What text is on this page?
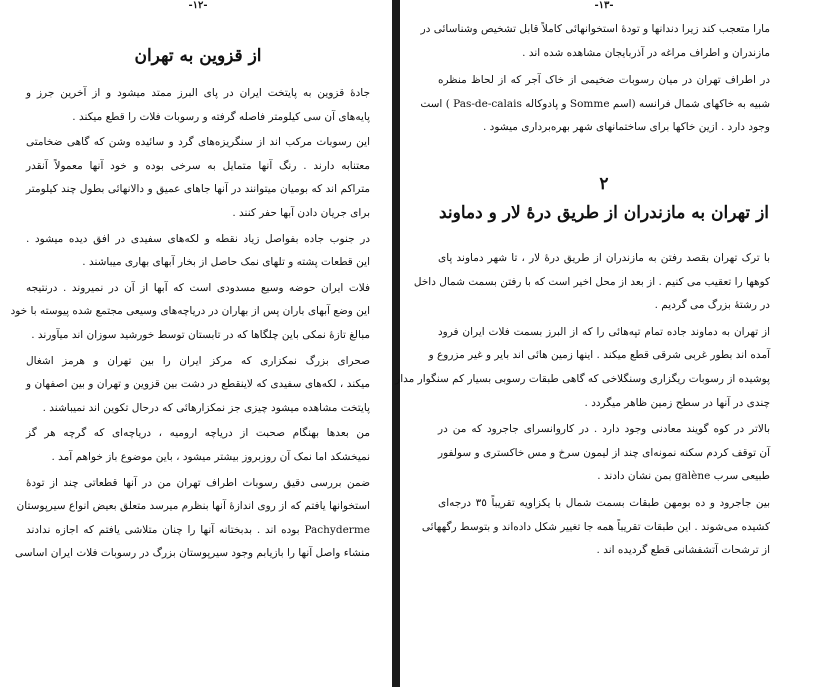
-١٢-
از قزوین به تهران
جادهٔ قزوین به پایتخت ایران در پای البرز ممتد میشود و از آخرین جرز و
پایه‌های آن سی کیلومتر فاصله گرفته و رسوبات فلات را قطع میکند .
این رسوبات مرکب اند از سنگریزه‌های گرد و سائیده وشن که گاهی ضخامتی
معتنابه دارند . رنگ آنها متمایل به سرخی بوده و خود آنها معمولاً آنقدر
متراکم اند که بومیان میتوانند در آنها جاهای عمیق و دالانهائی بطول چند کیلومتر
برای جریان دادن آبها حفر کنند .
در جنوب جاده بفواصل زیاد نقطه و لکه‌های سفیدی در افق دیده میشود .
این قطعات پشته و تلهای نمک حاصل از بخار آبهای بهاری میباشند .
فلات ایران حوضه وسیع مسدودی است که آبها از آن در نمیروند . درنتیجه
این وضع آبهای باران پس از بهاران در دریاچه‌های وسیعی مجتمع شده پیوسته با خود
مبالغ تازهٔ نمکی باین چلگاها که در تابستان توسط خورشید سوزان اند میآورند .
صحرای بزرگ نمکزاری که مرکز ایران را بین تهران و هرمز اشغال
میکند ، لکه‌های سفیدی که لاینقطع در دشت بین قزوین و تهران و بین اصفهان و
پایتخت مشاهده میشود چیزی جز نمکزارهائی که درحال تکوین اند نمیباشند .
من بعدها بهنگام صحبت از دریاچه ارومیه ، دریاچه‌ای که گرچه هر گز
نمیخشکد اما نمک آن روزبروز بیشتر میشود ، باین موضوع باز خواهم آمد .
ضمن بررسی دقیق رسوبات اطراف تهران من در آنها قطعاتی چند از تودهٔ
استخوانها یافتم که از روی اندازهٔ آنها بنظرم میرسد متعلق بعیض انواع سیرپوستان
Pachyderme بوده اند . بدبختانه آنها را چنان متلاشی یافتم که اجازه ندادند
منشاء واصل آنها را بازیابم وجود سیرپوستان بزرگ در رسوبات فلات ایران اساسی
-١٣-
مارا متعجب کند زیرا دندانها و تودهٔ استخوانهائی کاملاً قابل تشخیص وشناسائی در
مازندران و اطراف مراغه در آذربایجان مشاهده شده اند .
در اطراف تهران در میان رسوبات ضخیمی از خاک آجر که از لحاظ منظره
شبیه به خاکهای شمال فرانسه (اسم Somme و پادوکاله Pas-de-calais ) است
وجود دارد . ازین خاکها برای ساختمانهای شهر بهره‌برداری میشود .
٢
از تهران به مازندران از طریق درهٔ لار و دماوند
با ترک تهران بقصد رفتن به مازندران از طریق درهٔ لار ، تا شهر دماوند پای
کوهها را تعقیب می کنیم . از بعد از محل اخیر است که با رفتن بسمت شمال داخل
در رشتهٔ بزرگ می گردیم .
از تهران به دماوند جاده تمام تپه‌هائی را که از البرز بسمت فلات ایران فرود
آمده اند بطور غربی شرقی قطع میکند . اینها زمین هائی اند بایر و غیر مزروع و
پوشیده از رسوبات ریگزاری وسنگلاخی که گاهی طبقات رسوبی بسیار کم سنگوار مدار
چندی در آنها در سطح زمین ظاهر میگردد .
بالاتر در کوه گویند معادنی وجود دارد . در کاروانسرای جاجرود که من در
آن توقف کردم سکنه نمونه‌ای چند از لیمون سرخ و مس خاکستری و سولفور
طبیعی سرب galène بمن نشان دادند .
بین جاجرود و ده بومهن طبقات بسمت شمال با یکزاویه تقریباً ٣٥ درجه‌ای
کشیده می‌شوند . این طبقات تقریباً همه جا تغییر شکل داده‌اند و بتوسط رگههائی
از ترشحات آتشفشانی قطع گردیده اند .
